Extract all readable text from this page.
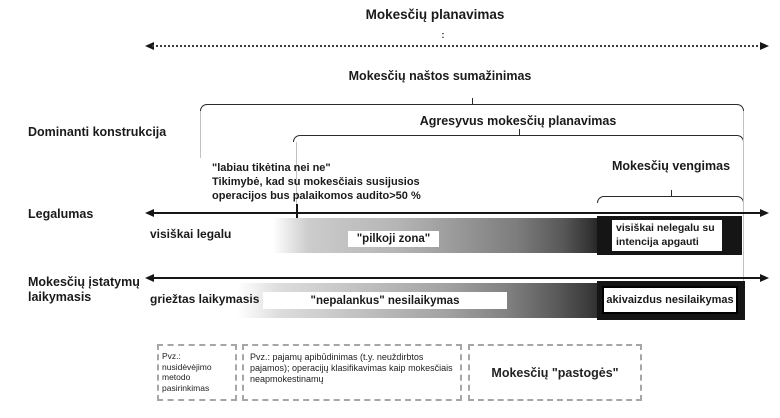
Mokesčių planavimas
:
Mokesčių naštos sumažinimas
Agresyvus mokesčių planavimas
Mokesčių vengimas
Dominanti konstrukcija
Legalumas
Mokesčių įstatymų
laikymasis
"labiau tikėtina nei ne"
Tikimybė, kad su mokesčiais susijusios
operacijos bus palaikomos audito>50 %
visiškai legalu	"pilkoji zona"
visiškai nelegalu su intencija apgauti
griežtas laikymasis	"nepalankus" nesilaikymas	akivaizdus nesilaikymas
Pvz.: nusidėvėjimo metodo pasirinkimas
Pvz.: pajamų apibūdinimas (t.y. neuždirbtos pajamos); operacijų klasifikavimas kaip mokesčiais neapmokestinamų	Mokesčių "pastogės"
